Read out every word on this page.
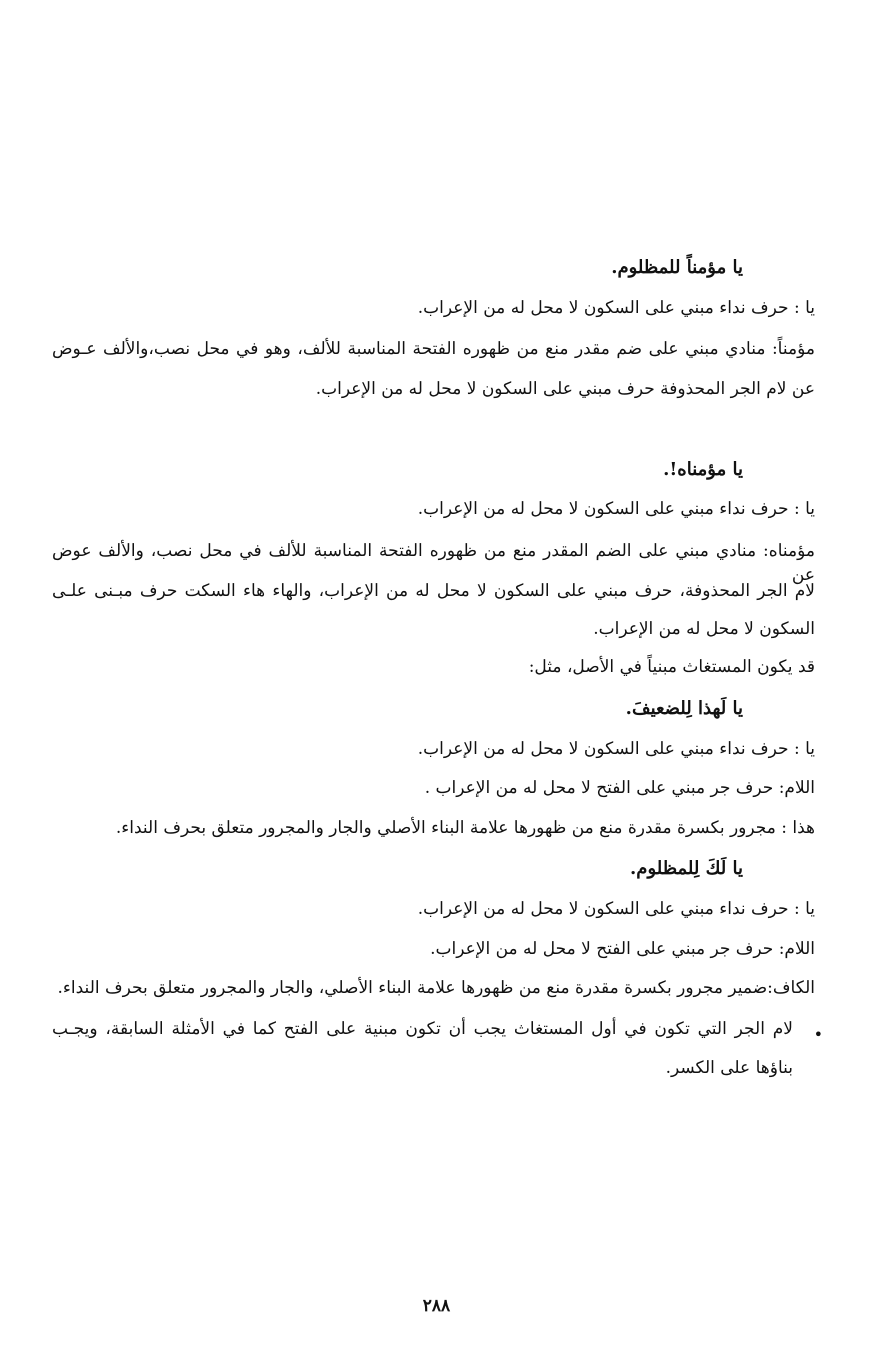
يا مؤمناً للمظلوم.
يا : حرف نداء مبني على السكون لا محل له من الإعراب.
مؤمناً: منادي مبني على ضم مقدر منع من ظهوره الفتحة المناسبة للألف، وهو في محل نصب،والألف عـوض
عن لام الجر المحذوفة حرف مبني على السكون لا محل له من الإعراب.
يا مؤمناه!.
يا : حرف نداء مبني على السكون لا محل له من الإعراب.
مؤمناه: منادي مبني على الضم المقدر منع من ظهوره الفتحة المناسبة للألف في محل نصب، والألف عوض عن
لام الجر المحذوفة، حرف مبني على السكون لا محل له من الإعراب، والهاء هاء السكت حرف مبـنى علـى
السكون لا محل له من الإعراب.
قد يكون المستغاث مبنياً في الأصل، مثل:
يا لَهذا لِلضعيفَ.
يا : حرف نداء مبني على السكون لا محل له من الإعراب.
اللام: حرف جر مبني على الفتح لا محل له من الإعراب .
هذا : مجرور بكسرة مقدرة منع من ظهورها علامة البناء الأصلي والجار والمجرور متعلق بحرف النداء.
يا لَكَ لِلمظلوم.
يا : حرف نداء مبني على السكون لا محل له من الإعراب.
اللام: حرف جر مبني على الفتح لا محل له من الإعراب.
الكاف:ضمير مجرور بكسرة مقدرة منع من ظهورها علامة البناء الأصلي، والجار والمجرور متعلق بحرف النداء.
•
لام الجر التي تكون في أول المستغاث يجب أن تكون مبنية على الفتح كما في الأمثلة السابقة، ويجـب
بناؤها على الكسر.
٢٨٨
